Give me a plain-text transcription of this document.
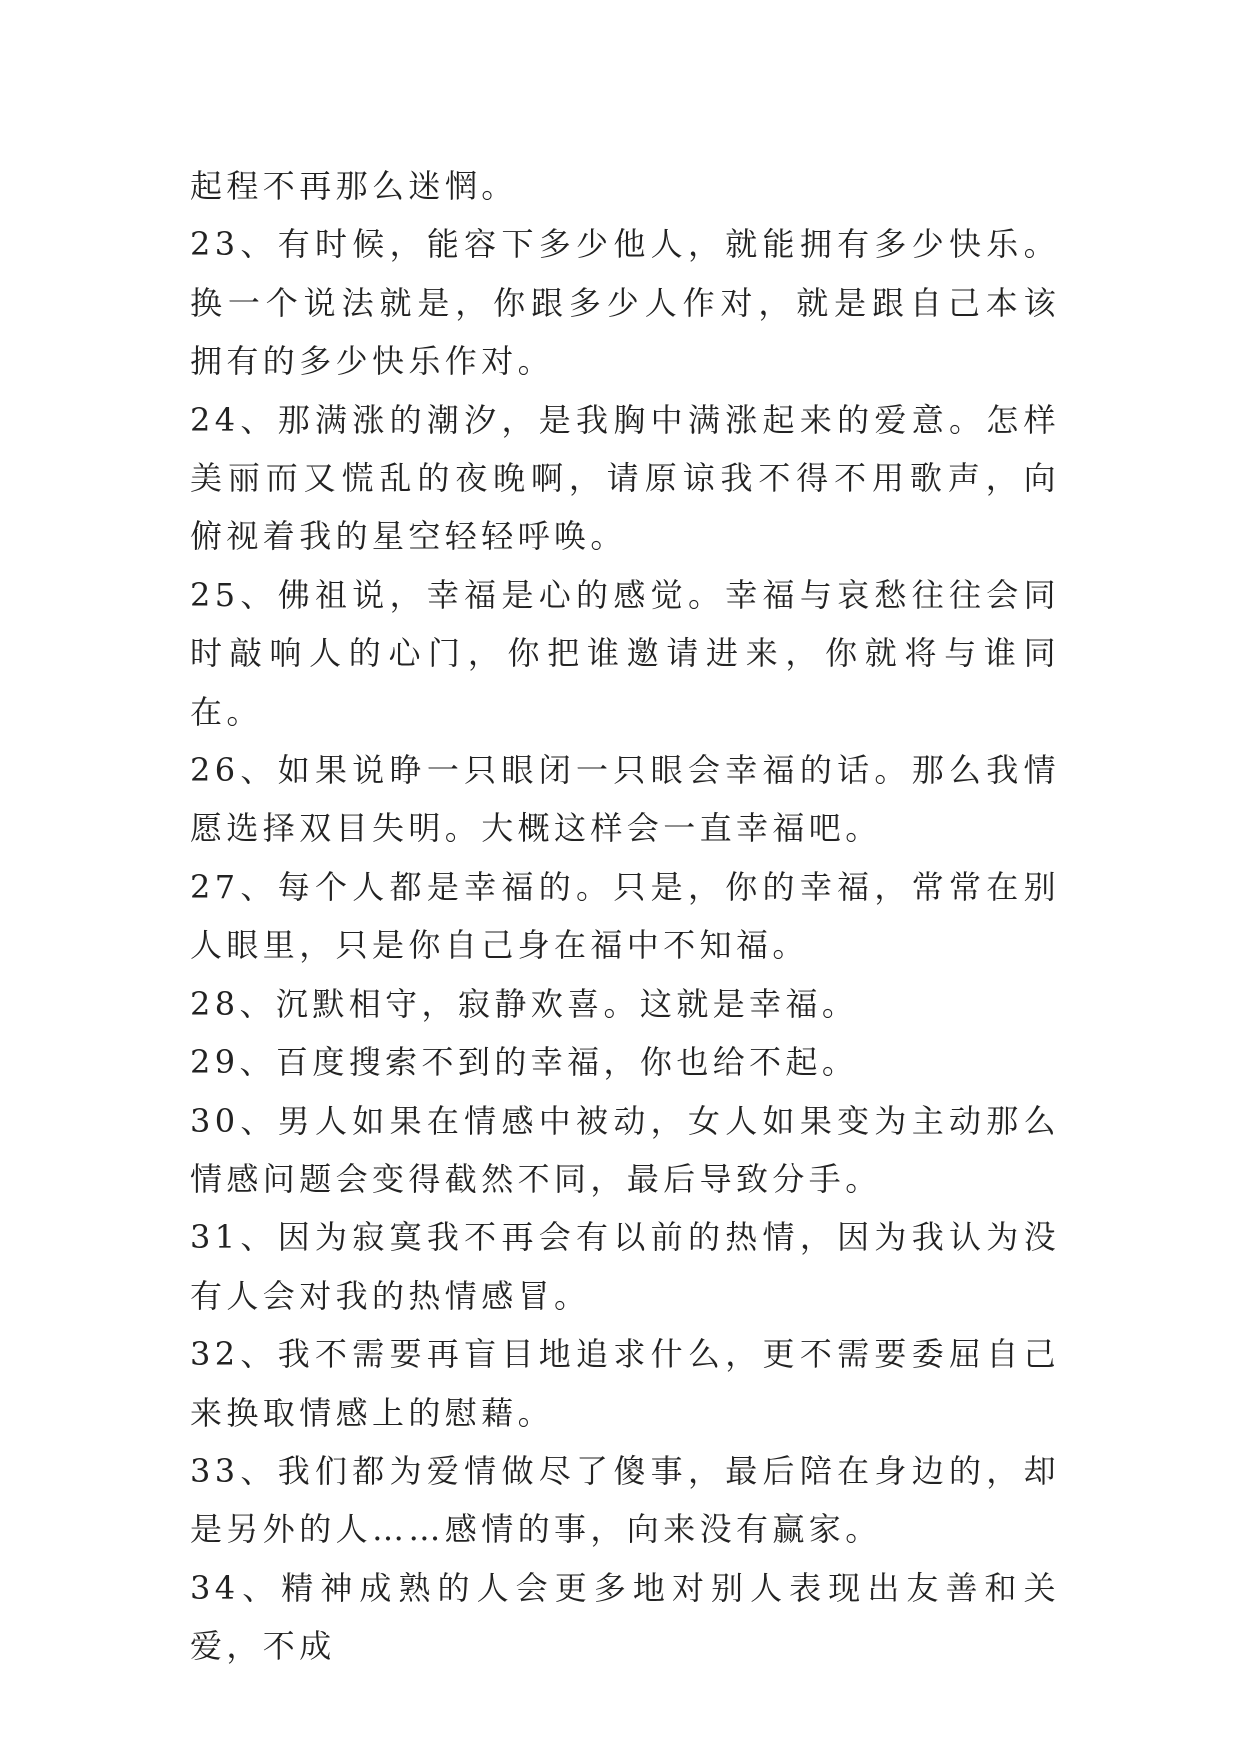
起程不再那么迷惘。

23、有时候，能容下多少他人，就能拥有多少快乐。换一个说法就是，你跟多少人作对，就是跟自己本该拥有的多少快乐作对。

24、那满涨的潮汐，是我胸中满涨起来的爱意。怎样美丽而又慌乱的夜晚啊，请原谅我不得不用歌声，向俯视着我的星空轻轻呼唤。

25、佛祖说，幸福是心的感觉。幸福与哀愁往往会同时敲响人的心门，你把谁邀请进来，你就将与谁同在。

26、如果说睁一只眼闭一只眼会幸福的话。那么我情愿选择双目失明。大概这样会一直幸福吧。

27、每个人都是幸福的。只是，你的幸福，常常在别人眼里，只是你自己身在福中不知福。

28、沉默相守，寂静欢喜。这就是幸福。

29、百度搜索不到的幸福，你也给不起。

30、男人如果在情感中被动，女人如果变为主动那么情感问题会变得截然不同，最后导致分手。

31、因为寂寞我不再会有以前的热情，因为我认为没有人会对我的热情感冒。

32、我不需要再盲目地追求什么，更不需要委屈自己来换取情感上的慰藉。

33、我们都为爱情做尽了傻事，最后陪在身边的，却是另外的人……感情的事，向来没有赢家。

34、精神成熟的人会更多地对别人表现出友善和关爱，不成
